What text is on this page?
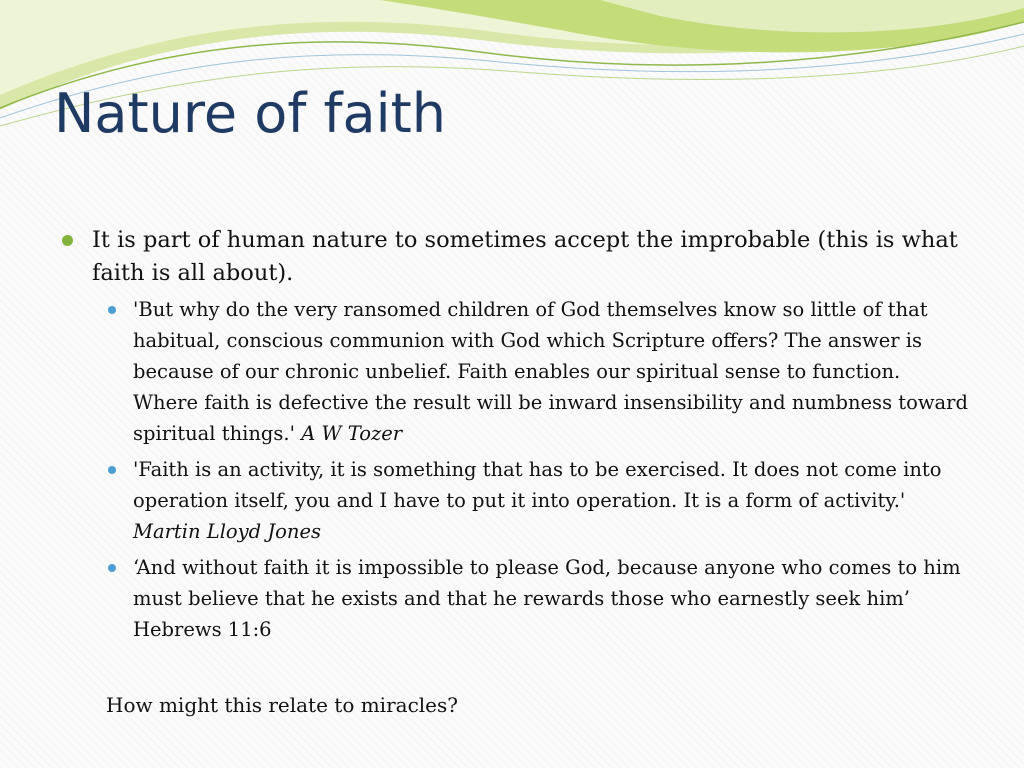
Nature of faith
It is part of human nature to sometimes accept the improbable (this is what faith is all about).
'But why do the very ransomed children of God themselves know so little of that habitual, conscious communion with God which Scripture offers? The answer is because of our chronic unbelief. Faith enables our spiritual sense to function. Where faith is defective the result will be inward insensibility and numbness toward spiritual things.' A W Tozer
'Faith is an activity, it is something that has to be exercised. It does not come into operation itself, you and I have to put it into operation. It is a form of activity.' Martin Lloyd Jones
‘And without faith it is impossible to please God, because anyone who comes to him must believe that he exists and that he rewards those who earnestly seek him’ Hebrews 11:6
How might this relate to miracles?
